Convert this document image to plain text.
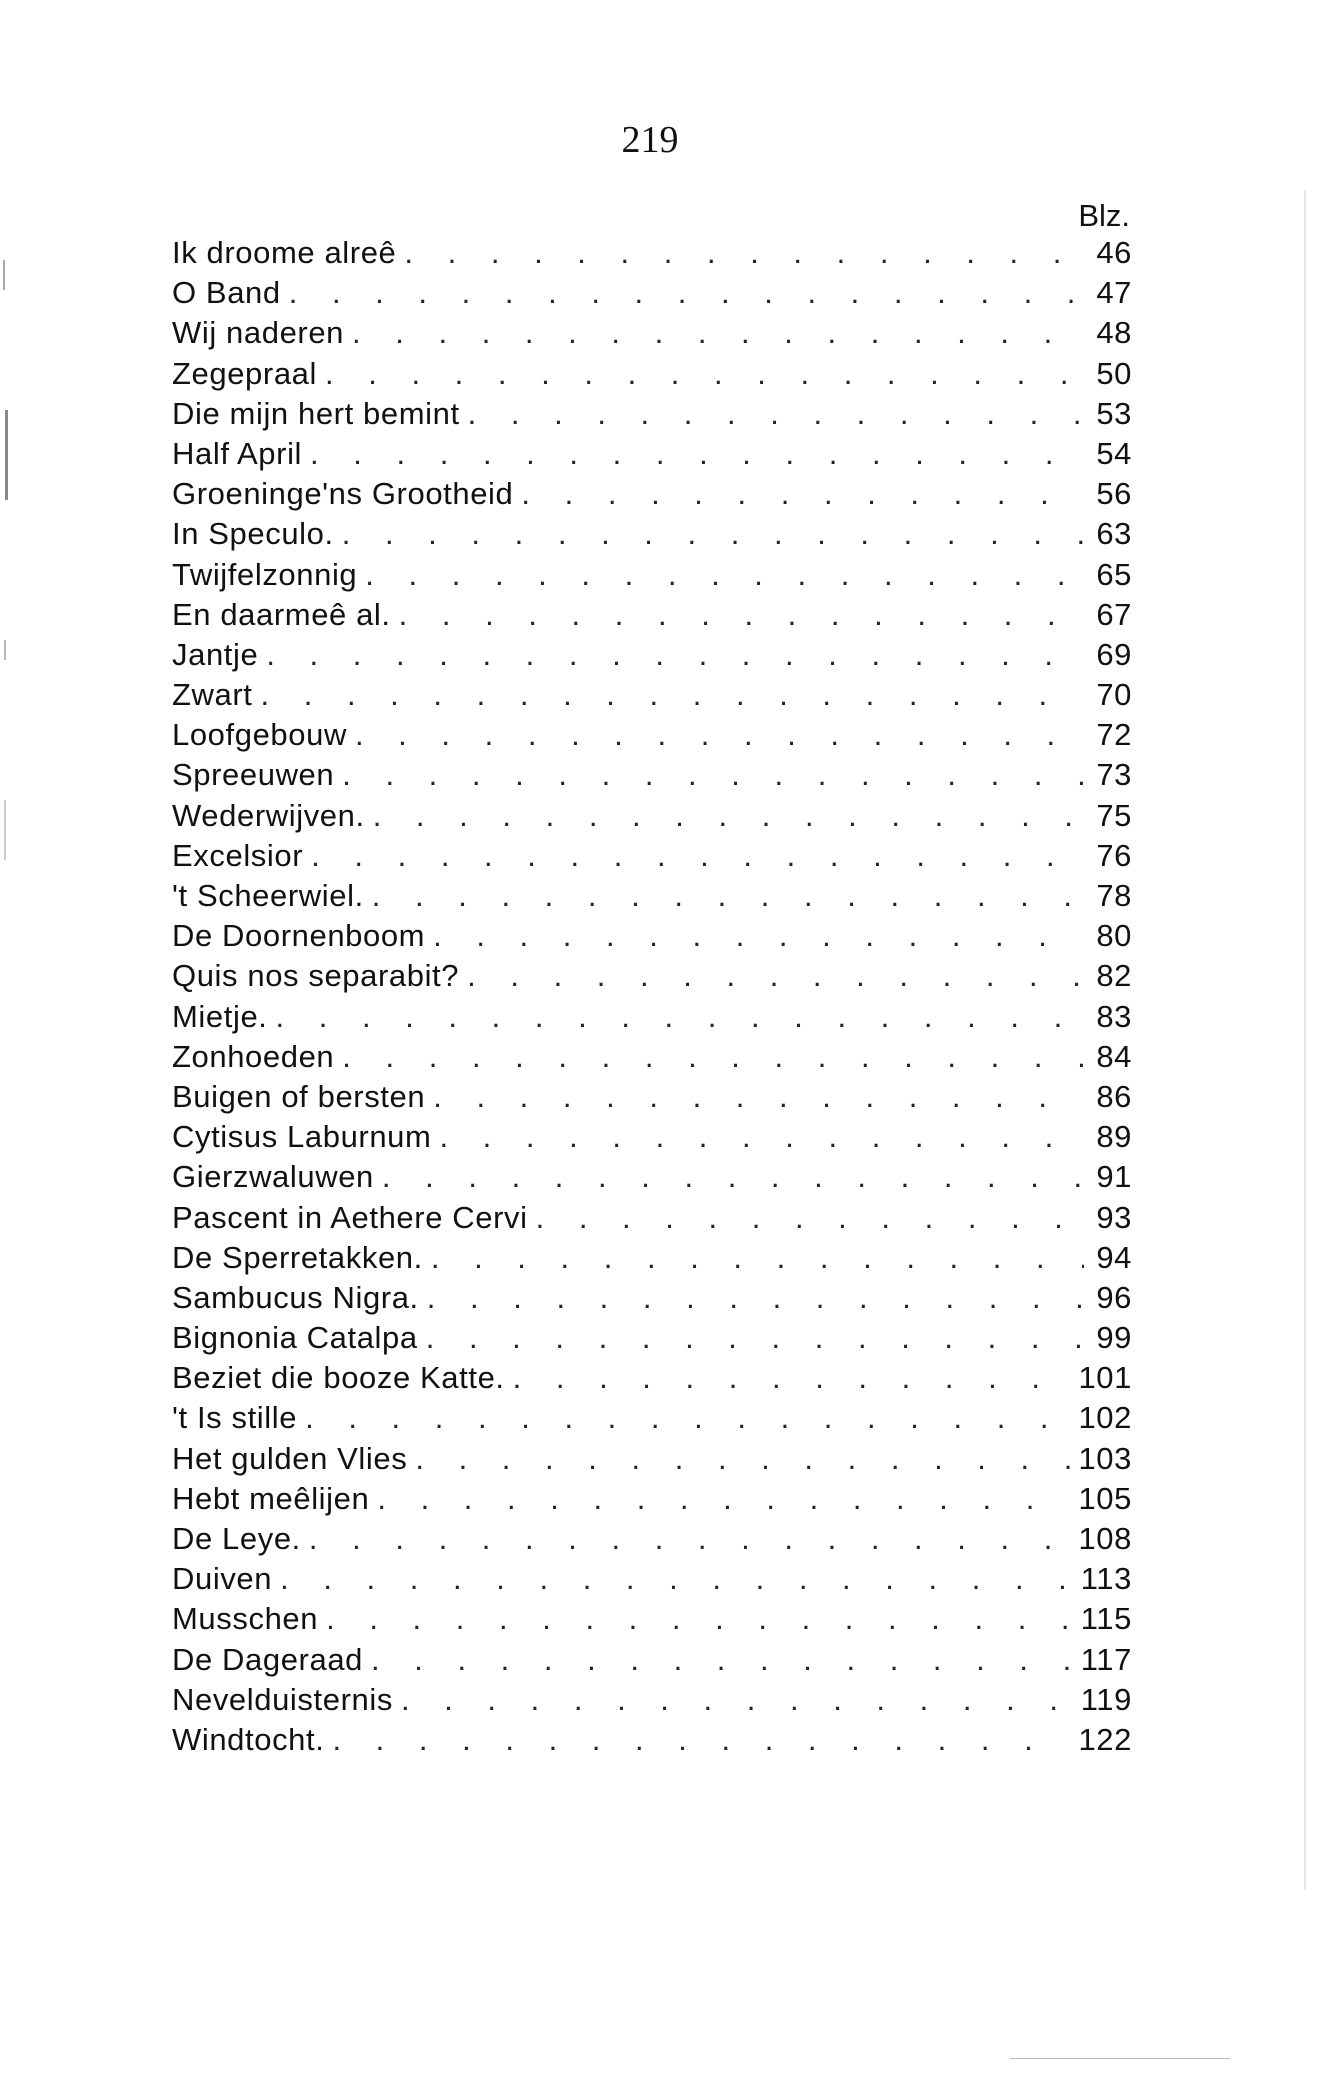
219
Blz.
Ik droome alreê . . .	46
O Band . . .	47
Wij naderen . . .	48
Zegepraal . . .	50
Die mijn hert bemint . . .	53
Half April . . .	54
Groeninge'ns Grootheid . . .	56
In Speculo. . . .	63
Twijfelzonnig . . .	65
En daarmeê al. . . .	67
Jantje . . .	69
Zwart . . .	70
Loofgebouw . . .	72
Spreeuwen . . .	73
Wederwijven. . . .	75
Excelsior . . .	76
't Scheerwiel. . . .	78
De Doornenboom . . .	80
Quis nos separabit? . . .	82
Mietje. . . .	83
Zonhoeden . . .	84
Buigen of bersten . . .	86
Cytisus Laburnum . . .	89
Gierzwaluwen . . .	91
Pascent in Aethere Cervi . . .	93
De Sperretakken. . . .	94
Sambucus Nigra. . . .	96
Bignonia Catalpa . . .	99
Beziet die booze Katte. . . .	101
't Is stille . . .	102
Het gulden Vlies . . .	103
Hebt meêlijen . . .	105
De Leye. . . .	108
Duiven . . .	113
Musschen . . .	115
De Dageraad . . .	117
Nevelduisternis . . .	119
Windtocht. . . .	122
